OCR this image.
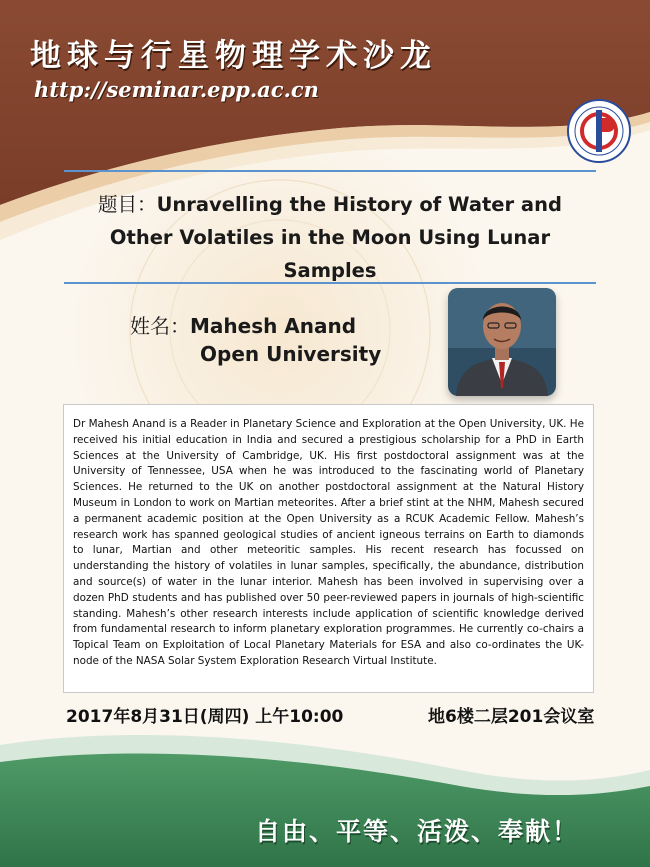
地球与行星物理学术沙龙
http://seminar.epp.ac.cn
题目：Unravelling the History of Water and Other Volatiles in the Moon Using Lunar Samples
姓名：Mahesh Anand
Open University

Dr Mahesh Anand is a Reader in Planetary Science and Exploration at the Open University, UK. He received his initial education in India and secured a prestigious scholarship for a PhD in Earth Sciences at the University of Cambridge, UK. His first postdoctoral assignment was at the University of Tennessee, USA when he was introduced to the fascinating world of Planetary Sciences. He returned to the UK on another postdoctoral assignment at the Natural History Museum in London to work on Martian meteorites. After a brief stint at the NHM, Mahesh secured a permanent academic position at the Open University as a RCUK Academic Fellow. Mahesh’s research work has spanned geological studies of ancient igneous terrains on Earth to diamonds to lunar, Martian and other meteoritic samples. His recent research has focussed on understanding the history of volatiles in lunar samples, specifically, the abundance, distribution and source(s) of water in the lunar interior. Mahesh has been involved in supervising over a dozen PhD students and has published over 50 peer-reviewed papers in journals of high-scientific standing. Mahesh’s other research interests include application of scientific knowledge derived from fundamental research to inform planetary exploration programmes. He currently co-chairs a Topical Team on Exploitation of Local Planetary Materials for ESA and also co-ordinates the UK-node of the NASA Solar System Exploration Research Virtual Institute.

2017年8月31日(周四) 上午10:00	地6楼二层201会议室
自由、平等、活泼、奉献！
